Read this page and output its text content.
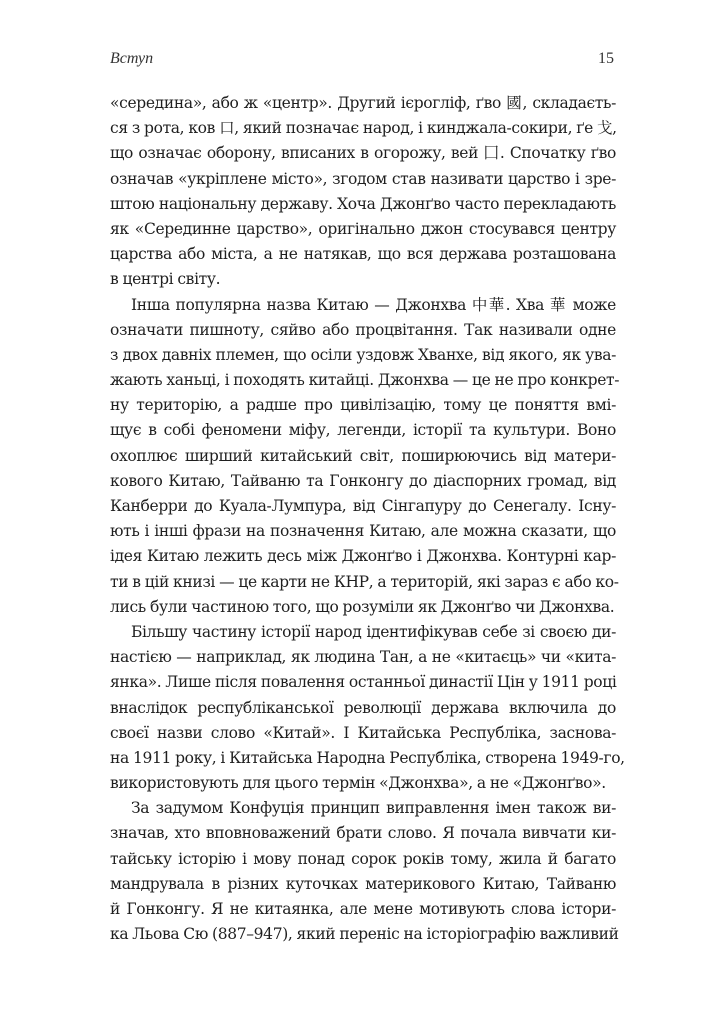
Вступ	15
«середина», або ж «центр». Другий ієрогліф, ґво 國, складаєть-
ся з рота, ков 口, який позначає народ, і кинджала-сокири, ґе 戈,
що означає оборону, вписаних в огорожу, вей 囗. Спочатку ґво
означав «укріплене місто», згодом став називати царство і зре-
штою національну державу. Хоча Джонґво часто перекладають
як «Серединне царство», оригінально джон стосувався центру
царства або міста, а не натякав, що вся держава розташована
в центрі світу.
Інша популярна назва Китаю — Джонхва 中華. Хва 華 може
означати пишноту, сяйво або процвітання. Так називали одне
з двох давніх племен, що осіли уздовж Хванхе, від якого, як ува-
жають ханьці, і походять китайці. Джонхва — це не про конкрет-
ну територію, а радше про цивілізацію, тому це поняття вмі-
щує в собі феномени міфу, легенди, історії та культури. Воно
охоплює ширший китайський світ, поширюючись від матери-
кового Китаю, Тайваню та Гонконгу до діаспорних громад, від
Канберри до Куала-Лумпура, від Сінгапуру до Сенегалу. Існу-
ють і інші фрази на позначення Китаю, але можна сказати, що
ідея Китаю лежить десь між Джонґво і Джонхва. Контурні кар-
ти в цій книзі — це карти не КНР, а територій, які зараз є або ко-
лись були частиною того, що розуміли як Джонґво чи Джонхва.
Більшу частину історії народ ідентифікував себе зі своєю ди-
настією — наприклад, як людина Тан, а не «китаєць» чи «кита-
янка». Лише після повалення останньої династії Цін у 1911 році
внаслідок республіканської революції держава включила до
своєї назви слово «Китай». І Китайська Республіка, заснова-
на 1911 року, і Китайська Народна Республіка, створена 1949-го,
використовують для цього термін «Джонхва», а не «Джонґво».
За задумом Конфуція принцип виправлення імен також ви-
значав, хто вповноважений брати слово. Я почала вивчати ки-
тайську історію і мову понад сорок років тому, жила й багато
мандрувала в різних куточках материкового Китаю, Тайваню
й Гонконгу. Я не китаянка, але мене мотивують слова істори-
ка Льова Сю (887–947), який переніс на історіографію важливий
